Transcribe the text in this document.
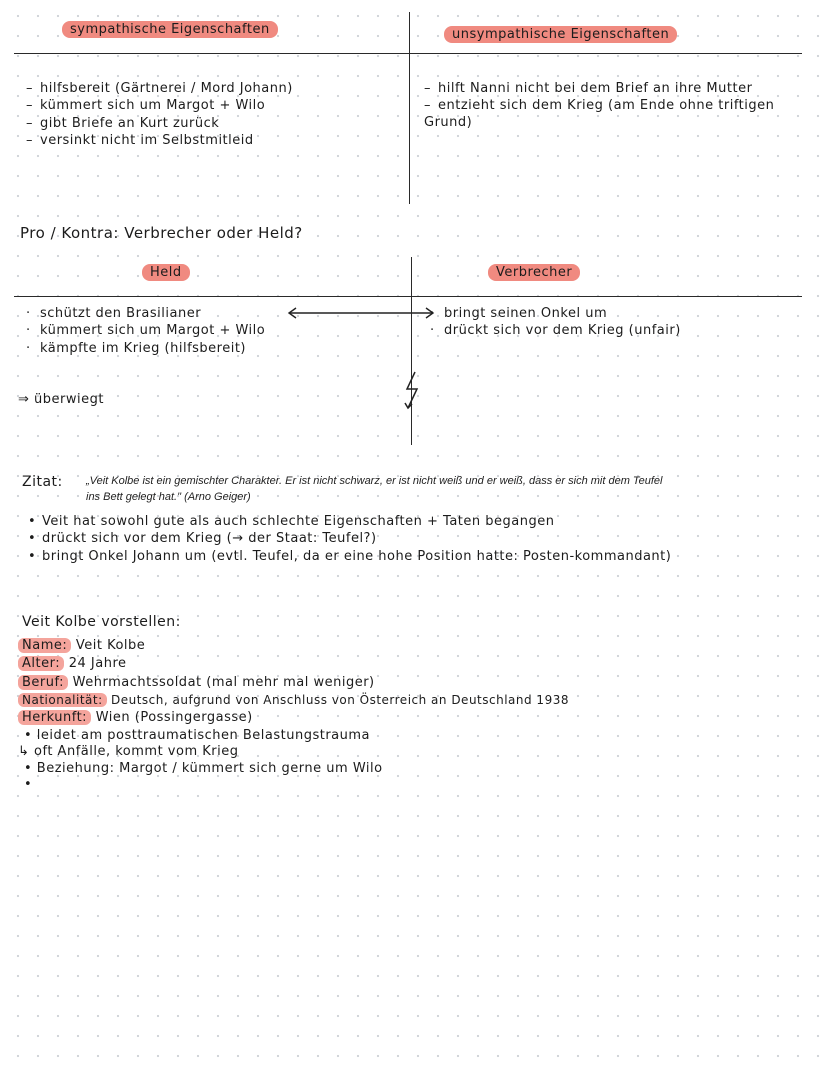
sympathische Eigenschaften	unsympathische Eigenschaften
– hilfsbereit (Gärtnerei / Mord Johann)
– kümmert sich um Margot + Wilo
– gibt Briefe an Kurt zurück
– versinkt nicht im Selbstmitleid
– hilft Nanni nicht bei dem Brief an ihre Mutter
– entzieht sich dem Krieg (am Ende ohne triftigen Grund)
Pro / Kontra: Verbrecher oder Held?
Held	Verbrecher
· schützt den Brasilianer
· kümmert sich um Margot + Wilo
· kämpfte im Krieg (hilfsbereit)
· bringt seinen Onkel um
· drückt sich vor dem Krieg (unfair)
⇒ überwiegt
Zitat: „Veit Kolbe ist ein gemischter Charakter. Er ist nicht schwarz, er ist nicht weiß und er weiß, dass er sich mit dem Teufel ins Bett gelegt hat." (Arno Geiger)
• Veit hat sowohl gute als auch schlechte Eigenschaften + Taten begangen
• drückt sich vor dem Krieg (→ der Staat: Teufel?)
• bringt Onkel Johann um (evtl. Teufel, da er eine hohe Position hatte: Posten-kommandant)
Veit Kolbe vorstellen:
Name: Veit Kolbe
Alter: 24 Jahre
Beruf: Wehrmachtssoldat (mal mehr mal weniger)
Nationalität: Deutsch, aufgrund von Anschluss von Österreich an Deutschland 1938
Herkunft: Wien (Possingergasse)
• leidet am posttraumatischen Belastungstrauma
↳ oft Anfälle, kommt vom Krieg
• Beziehung: Margot / kümmert sich gerne um Wilo
•
